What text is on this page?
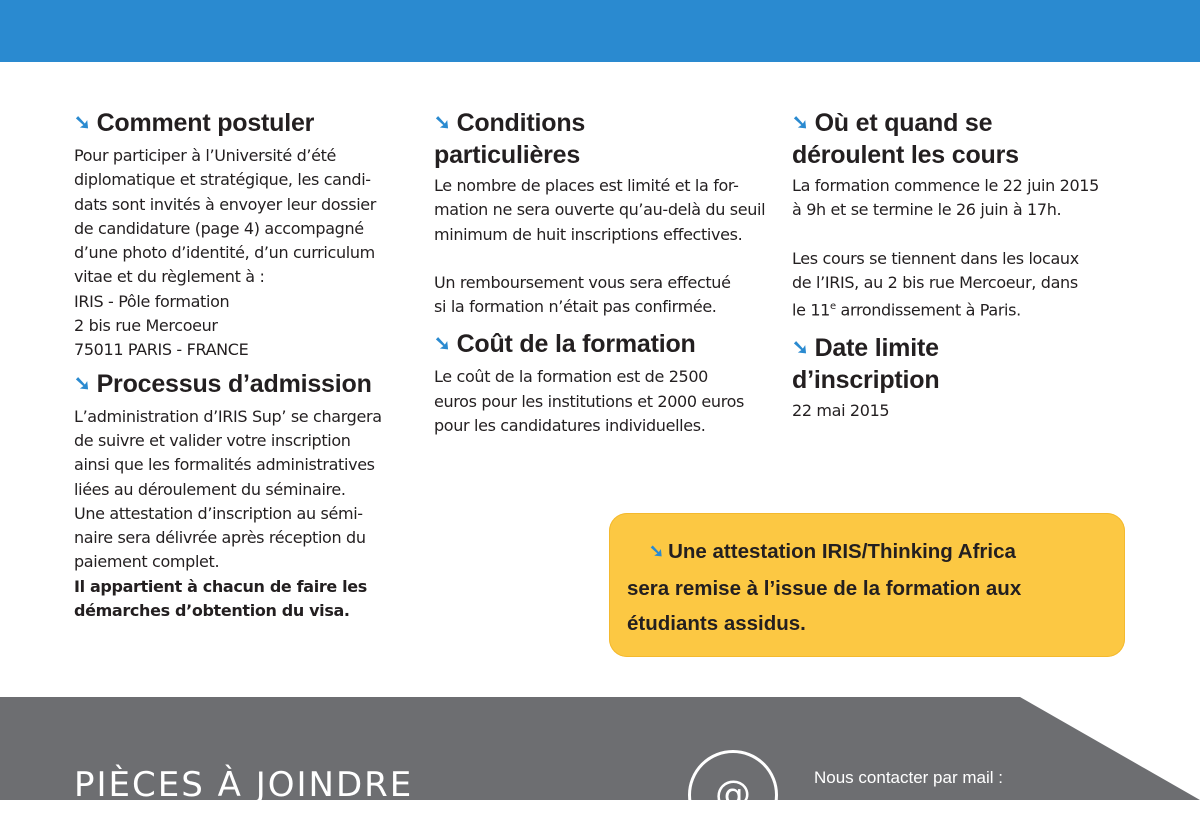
➘ Comment postuler

Pour participer à l’Université d’été
diplomatique et stratégique, les candi-
dats sont invités à envoyer leur dossier
de candidature (page 4) accompagné
d’une photo d’identité, d’un curriculum
vitae et du règlement à :
IRIS - Pôle formation
2 bis rue Mercoeur
75011 PARIS - FRANCE

➘ Processus d’admission

L’administration d’IRIS Sup’ se chargera
de suivre et valider votre inscription
ainsi que les formalités administratives
liées au déroulement du séminaire.
Une attestation d’inscription au sémi-
naire sera délivrée après réception du
paiement complet.
Il appartient à chacun de faire les
démarches d’obtention du visa.

➘ Conditions
particulières

Le nombre de places est limité et la for-
mation ne sera ouverte qu’au-delà du seuil
minimum de huit inscriptions effectives.

Un remboursement vous sera effectué
si la formation n’était pas confirmée.

➘ Coût de la formation

Le coût de la formation est de 2500
euros pour les institutions et 2000 euros
pour les candidatures individuelles.

➘ Où et quand se
déroulent les cours

La formation commence le 22 juin 2015
à 9h et se termine le 26 juin à 17h.

Les cours se tiennent dans les locaux
de l’IRIS, au 2 bis rue Mercoeur, dans
le 11e arrondissement à Paris.

➘ Date limite
d’inscription

22 mai 2015

➘ Une attestation IRIS/Thinking Africa

sera remise à l’issue de la formation aux

étudiants assidus.

PIÈCES À JOINDRE	@	Nous contacter par mail :
